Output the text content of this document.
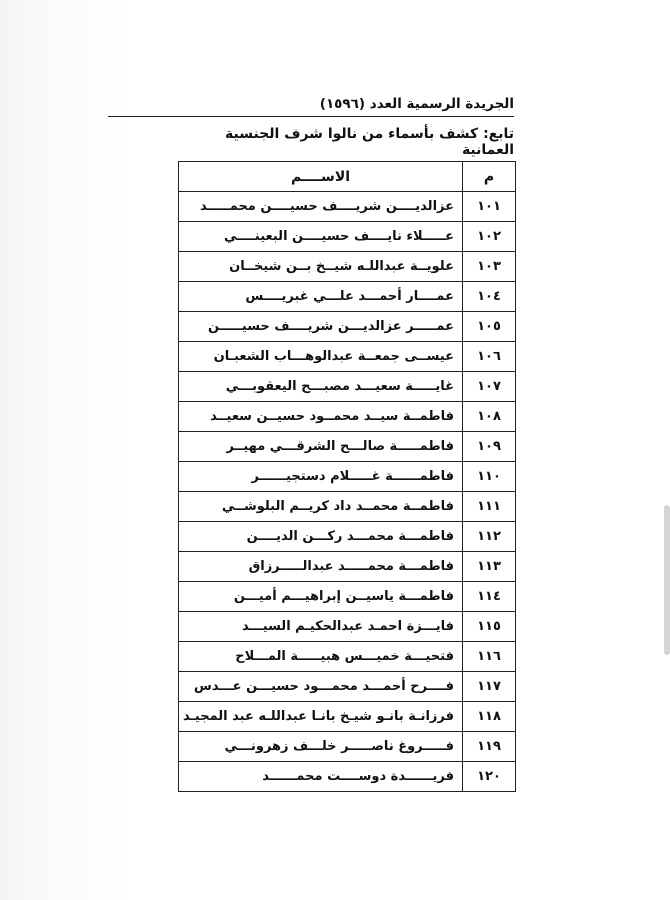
الجريدة الرسمية العدد (١٥٩٦)
تابع: كشف بأسماء من نالوا شرف الجنسية العمانية
م	الاســــم
١٠١	عزالديــــن شريــــف حسيــــن محمـــــد
١٠٢	عـــــلاء نايــــف حسيــــن البعينــــي
١٠٣	علويــة عبداللـه شيــخ بــن شيخــان
١٠٤	عمــــار أحمـــد علـــي غبريــــس
١٠٥	عمـــــر عزالديـــن شريــــف حسيـــــن
١٠٦	عيســى جمعــة عبدالوهـــاب الشعبـان
١٠٧	غايـــــة سعيـــد مصبـــح اليعقوبـــي
١٠٨	فاطمــة سيــد محمــود حسيــن سعيــد
١٠٩	فاطمـــــة صالـــح الشرقـــي مهيــر
١١٠	فاطمــــــة غـــــلام دستجيــــــر
١١١	فاطمــة محمــد داد كريــم البلوشــي
١١٢	فاطمـــة محمـــد ركـــن الديــــن
١١٣	فاطمـــة محمـــــد عبدالـــــرزاق
١١٤	فاطمـــة ياسيــن إبراهيـــم أميـــن
١١٥	فايـــزة احمـد عبدالحكيـم السيـــد
١١٦	فتحيـــة خميـــس هبيـــــة المـــلاح
١١٧	فــــرح أحمـــد محمـــود حسيـــن عـــدس
١١٨	فرزانـة بانـو شيـخ بانـا عبداللـه عبد المجيـد
١١٩	فـــــروغ ناصـــــر خلـــف زهرونـــي
١٢٠	فريــــــدة دوســــت محمــــــد
